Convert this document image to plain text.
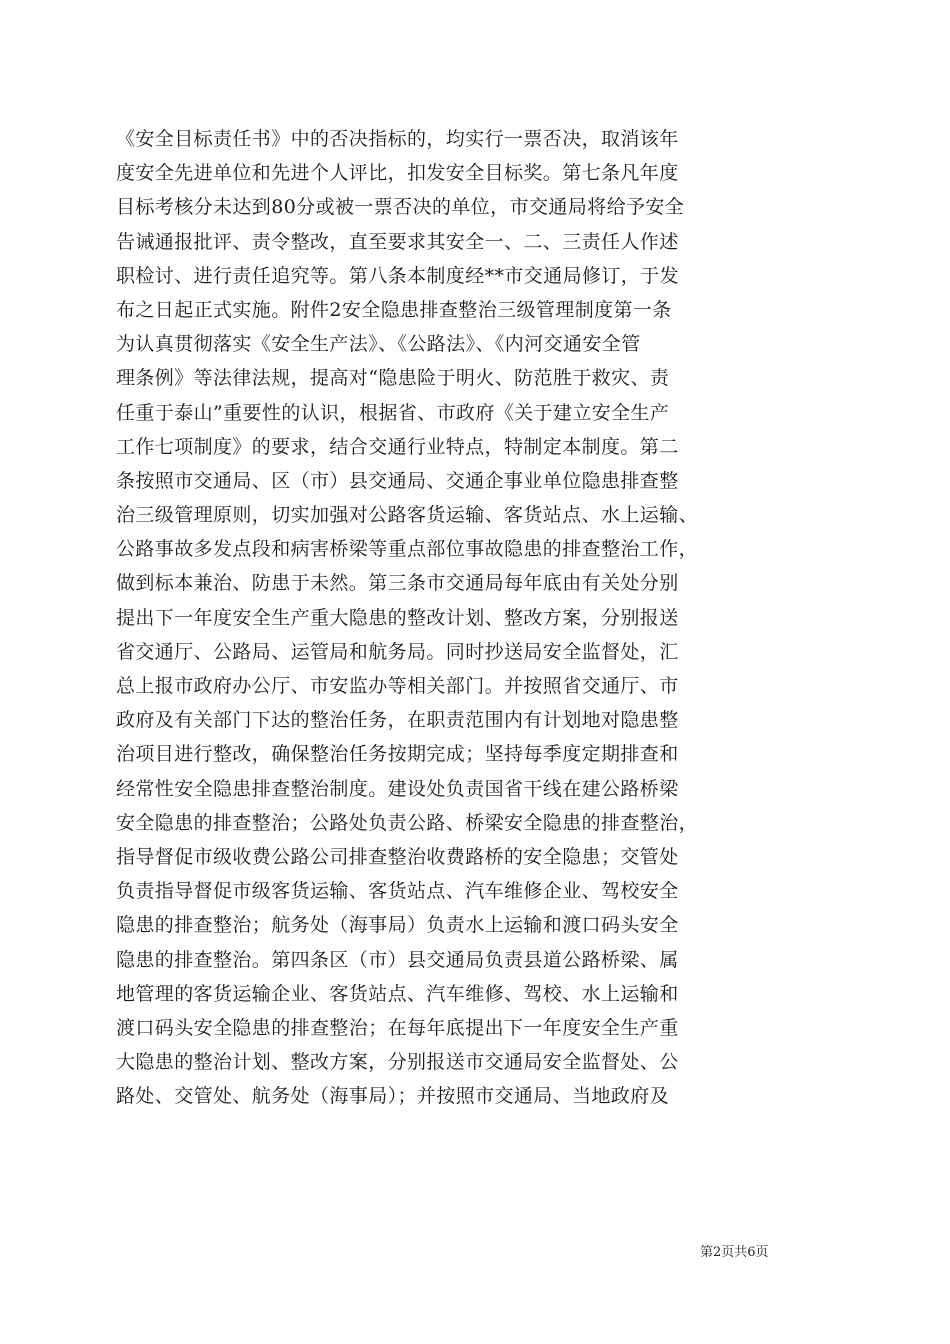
《安全目标责任书》中的否决指标的，均实行一票否决，取消该年
度安全先进单位和先进个人评比，扣发安全目标奖。第七条凡年度
目标考核分未达到80分或被一票否决的单位，市交通局将给予安全
告诫通报批评、责令整改，直至要求其安全一、二、三责任人作述
职检讨、进行责任追究等。第八条本制度经**市交通局修订，于发
布之日起正式实施。附件2安全隐患排查整治三级管理制度第一条
为认真贯彻落实《安全生产法》、《公路法》、《内河交通安全管
理条例》等法律法规，提高对“隐患险于明火、防范胜于救灾、责
任重于泰山”重要性的认识，根据省、市政府《关于建立安全生产
工作七项制度》的要求，结合交通行业特点，特制定本制度。第二
条按照市交通局、区（市）县交通局、交通企事业单位隐患排查整
治三级管理原则，切实加强对公路客货运输、客货站点、水上运输、
公路事故多发点段和病害桥梁等重点部位事故隐患的排查整治工作，
做到标本兼治、防患于未然。第三条市交通局每年底由有关处分别
提出下一年度安全生产重大隐患的整改计划、整改方案，分别报送
省交通厅、公路局、运管局和航务局。同时抄送局安全监督处，汇
总上报市政府办公厅、市安监办等相关部门。并按照省交通厅、市
政府及有关部门下达的整治任务，在职责范围内有计划地对隐患整
治项目进行整改，确保整治任务按期完成；坚持每季度定期排查和
经常性安全隐患排查整治制度。建设处负责国省干线在建公路桥梁
安全隐患的排查整治；公路处负责公路、桥梁安全隐患的排查整治，
指导督促市级收费公路公司排查整治收费路桥的安全隐患；交管处
负责指导督促市级客货运输、客货站点、汽车维修企业、驾校安全
隐患的排查整治；航务处（海事局）负责水上运输和渡口码头安全
隐患的排查整治。第四条区（市）县交通局负责县道公路桥梁、属
地管理的客货运输企业、客货站点、汽车维修、驾校、水上运输和
渡口码头安全隐患的排查整治；在每年底提出下一年度安全生产重
大隐患的整治计划、整改方案，分别报送市交通局安全监督处、公
路处、交管处、航务处（海事局）；并按照市交通局、当地政府及
第2页共6页
